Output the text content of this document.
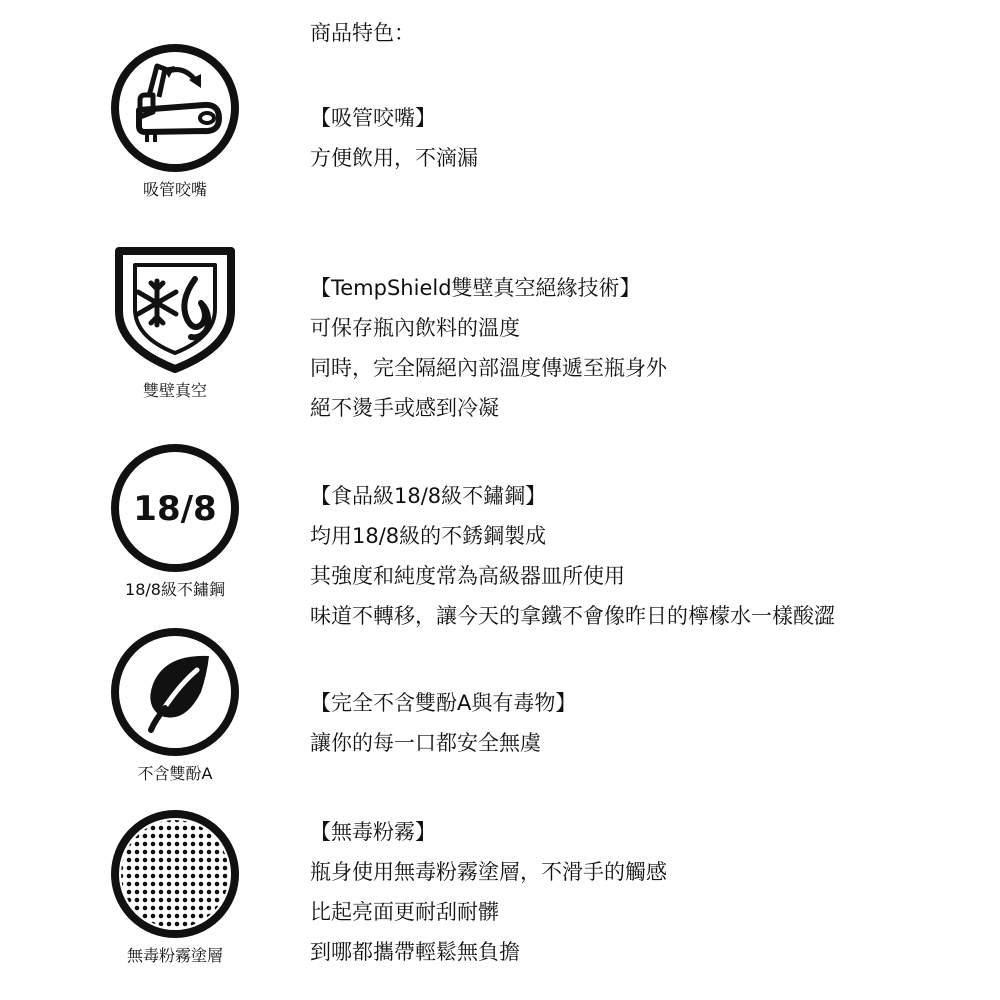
商品特色：
吸管咬嘴
【吸管咬嘴】
方便飲用，不滴漏
雙壁真空
【TempShield雙壁真空絕緣技術】
可保存瓶內飲料的溫度
同時，完全隔絕內部溫度傳遞至瓶身外
絕不燙手或感到冷凝
18/8
18/8級不鏽鋼
【食品級18/8級不鏽鋼】
均用18/8級的不銹鋼製成
其強度和純度常為高級器皿所使用
味道不轉移，讓今天的拿鐵不會像昨日的檸檬水一樣酸澀
不含雙酚A
【完全不含雙酚A與有毒物】
讓你的每一口都安全無虞
無毒粉霧塗層
【無毒粉霧】
瓶身使用無毒粉霧塗層，不滑手的觸感
比起亮面更耐刮耐髒
到哪都攜帶輕鬆無負擔
